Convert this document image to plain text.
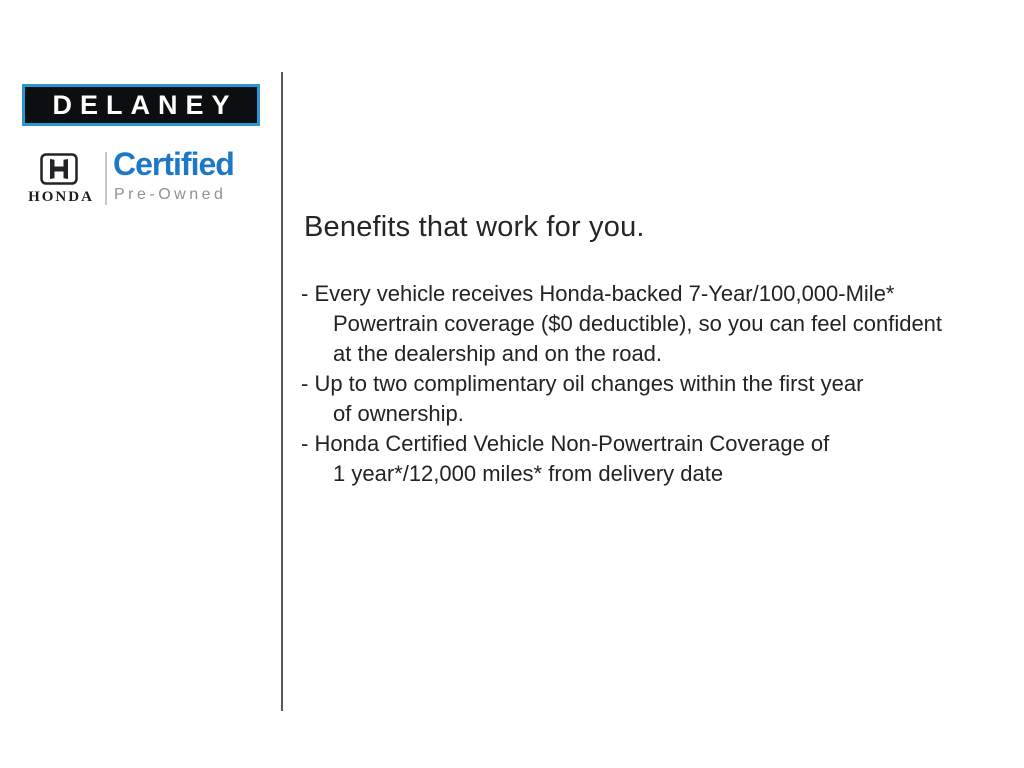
DELANEY
HONDA
Certified
Pre-Owned
Benefits that work for you.
- Every vehicle receives Honda-backed 7-Year/100,000-Mile*
Powertrain coverage ($0 deductible), so you can feel confident
at the dealership and on the road.
- Up to two complimentary oil changes within the first year
of ownership.
- Honda Certified Vehicle Non-Powertrain Coverage of
1 year*/12,000 miles* from delivery date
